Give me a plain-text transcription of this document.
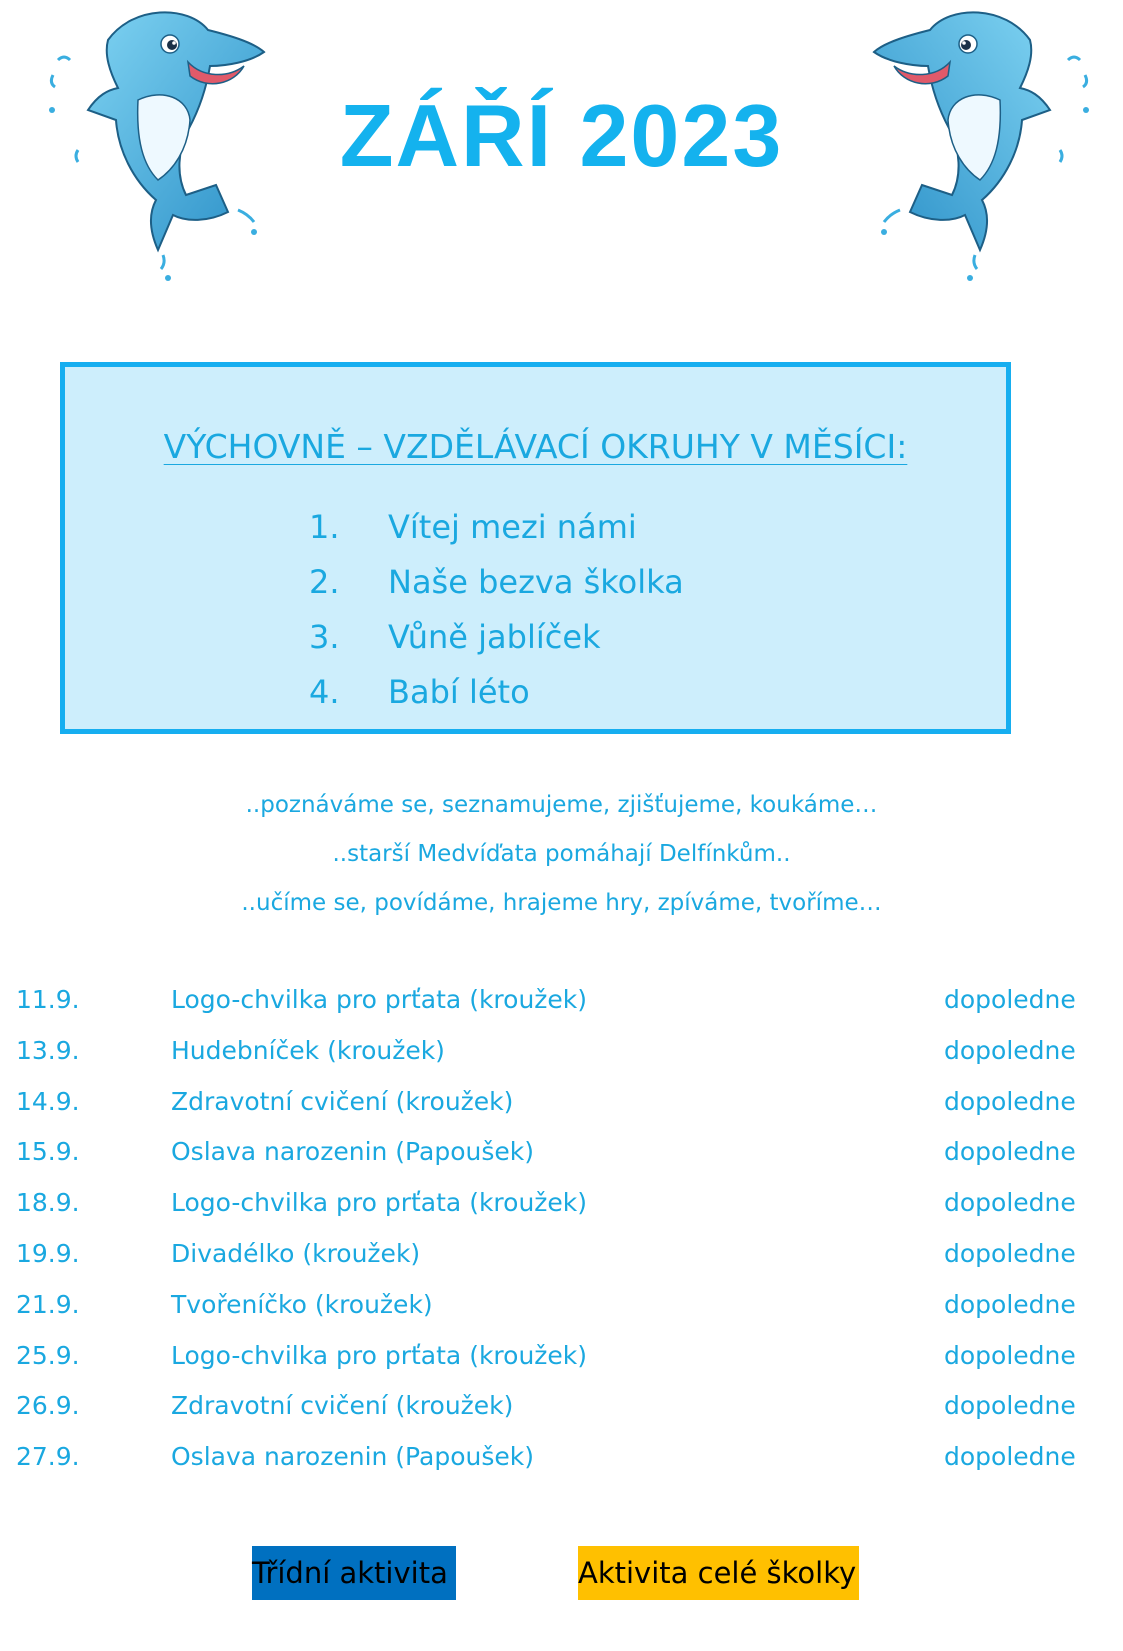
ZÁŘÍ 2023
VÝCHOVNĚ – VZDĚLÁVACÍ OKRUHY V MĚSÍCI:
1.	Vítej mezi námi
2.	Naše bezva školka
3.	Vůně jablíček
4.	Babí léto
..poznáváme se, seznamujeme, zjišťujeme, koukáme…
..starší Medvíďata pomáhají Delfínkům..
..učíme se, povídáme, hrajeme hry, zpíváme, tvoříme…
11.9.	Logo-chvilka pro prťata (kroužek)	dopoledne
13.9.	Hudebníček (kroužek)	dopoledne
14.9.	Zdravotní cvičení (kroužek)	dopoledne
15.9.	Oslava narozenin (Papoušek)	dopoledne
18.9.	Logo-chvilka pro prťata (kroužek)	dopoledne
19.9.	Divadélko (kroužek)	dopoledne
21.9.	Tvořeníčko (kroužek)	dopoledne
25.9.	Logo-chvilka pro prťata (kroužek)	dopoledne
26.9.	Zdravotní cvičení (kroužek)	dopoledne
27.9.	Oslava narozenin (Papoušek)	dopoledne
Třídní aktivita	Aktivita celé školky
